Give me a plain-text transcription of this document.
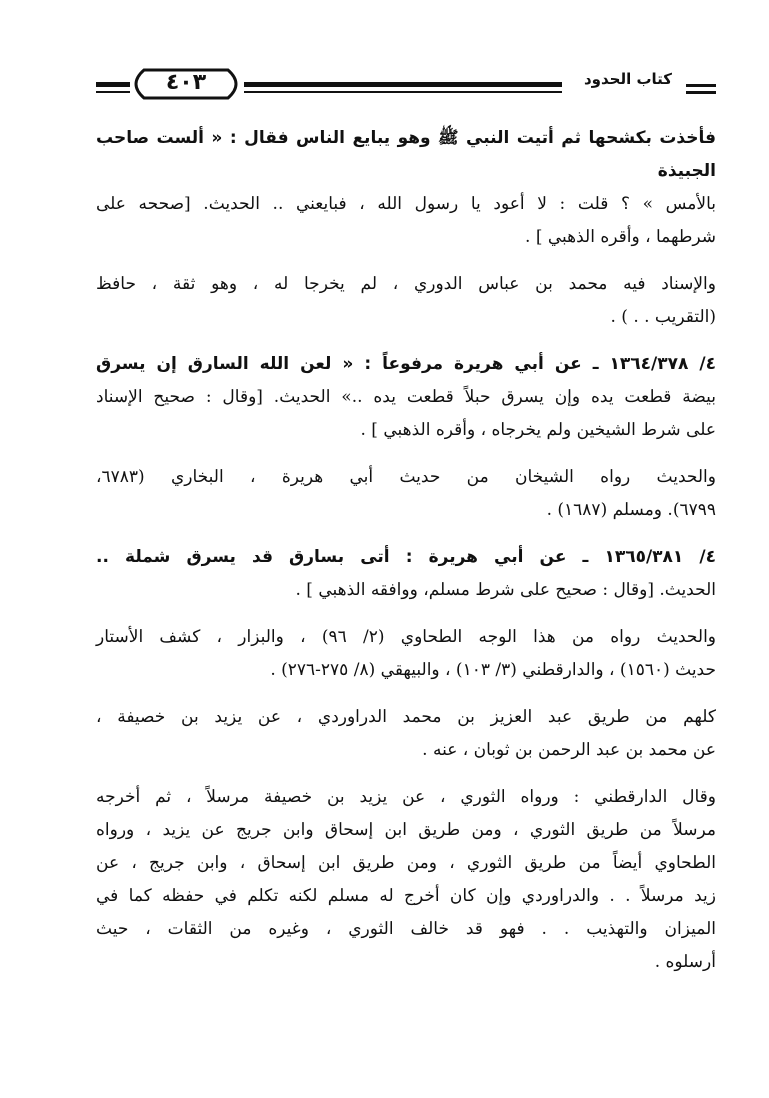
٤٠٣	كتاب الحدود
فأخذت بكشحها ثم أتيت النبي ﷺ وهو يبايع الناس فقال : « ألست صاحب الجبيذة
بالأمس » ؟ قلت : لا أعود يا رسول الله ، فبايعني .. الحديث. [صححه على
شرطهما ، وأقره الذهبي ] .
والإسناد فيه محمد بن عباس الدوري ، لم يخرجا له ، وهو ثقة ، حافظ
(التقريب . . ) .
٤/ ١٣٦٤/٣٧٨ ـ عن أبي هريرة مرفوعاً : « لعن الله السارق إن يسرق
بيضة قطعت يده وإن يسرق حبلاً قطعت يده ..» الحديث. [وقال : صحيح الإسناد
على شرط الشيخين ولم يخرجاه ، وأقره الذهبي ] .
والحديث رواه الشيخان من حديث أبي هريرة ، البخاري (٦٧٨٣،
٦٧٩٩). ومسلم (١٦٨٧) .
٤/ ١٣٦٥/٣٨١ ـ عن أبي هريرة : أتى بسارق قد يسرق شملة ..
الحديث. [وقال : صحيح على شرط مسلم، ووافقه الذهبي ] .
والحديث رواه من هذا الوجه الطحاوي (٢/ ٩٦) ، والبزار ، كشف الأستار
حديث (١٥٦٠) ، والدارقطني (٣/ ١٠٣) ، والبيهقي (٨/ ٢٧٥-٢٧٦) .
كلهم من طريق عبد العزيز بن محمد الدراوردي ، عن يزيد بن خصيفة ،
عن محمد بن عبد الرحمن بن ثوبان ، عنه .
وقال الدارقطني : ورواه الثوري ، عن يزيد بن خصيفة مرسلاً ، ثم أخرجه
مرسلاً من طريق الثوري ، ومن طريق ابن إسحاق وابن جريج عن يزيد ، ورواه
الطحاوي أيضاً من طريق الثوري ، ومن طريق ابن إسحاق ، وابن جريج ، عن
زيد مرسلاً . . والدراوردي وإن كان أخرج له مسلم لكنه تكلم في حفظه كما في
الميزان والتهذيب . . فهو قد خالف الثوري ، وغيره من الثقات ، حيث
أرسلوه .
